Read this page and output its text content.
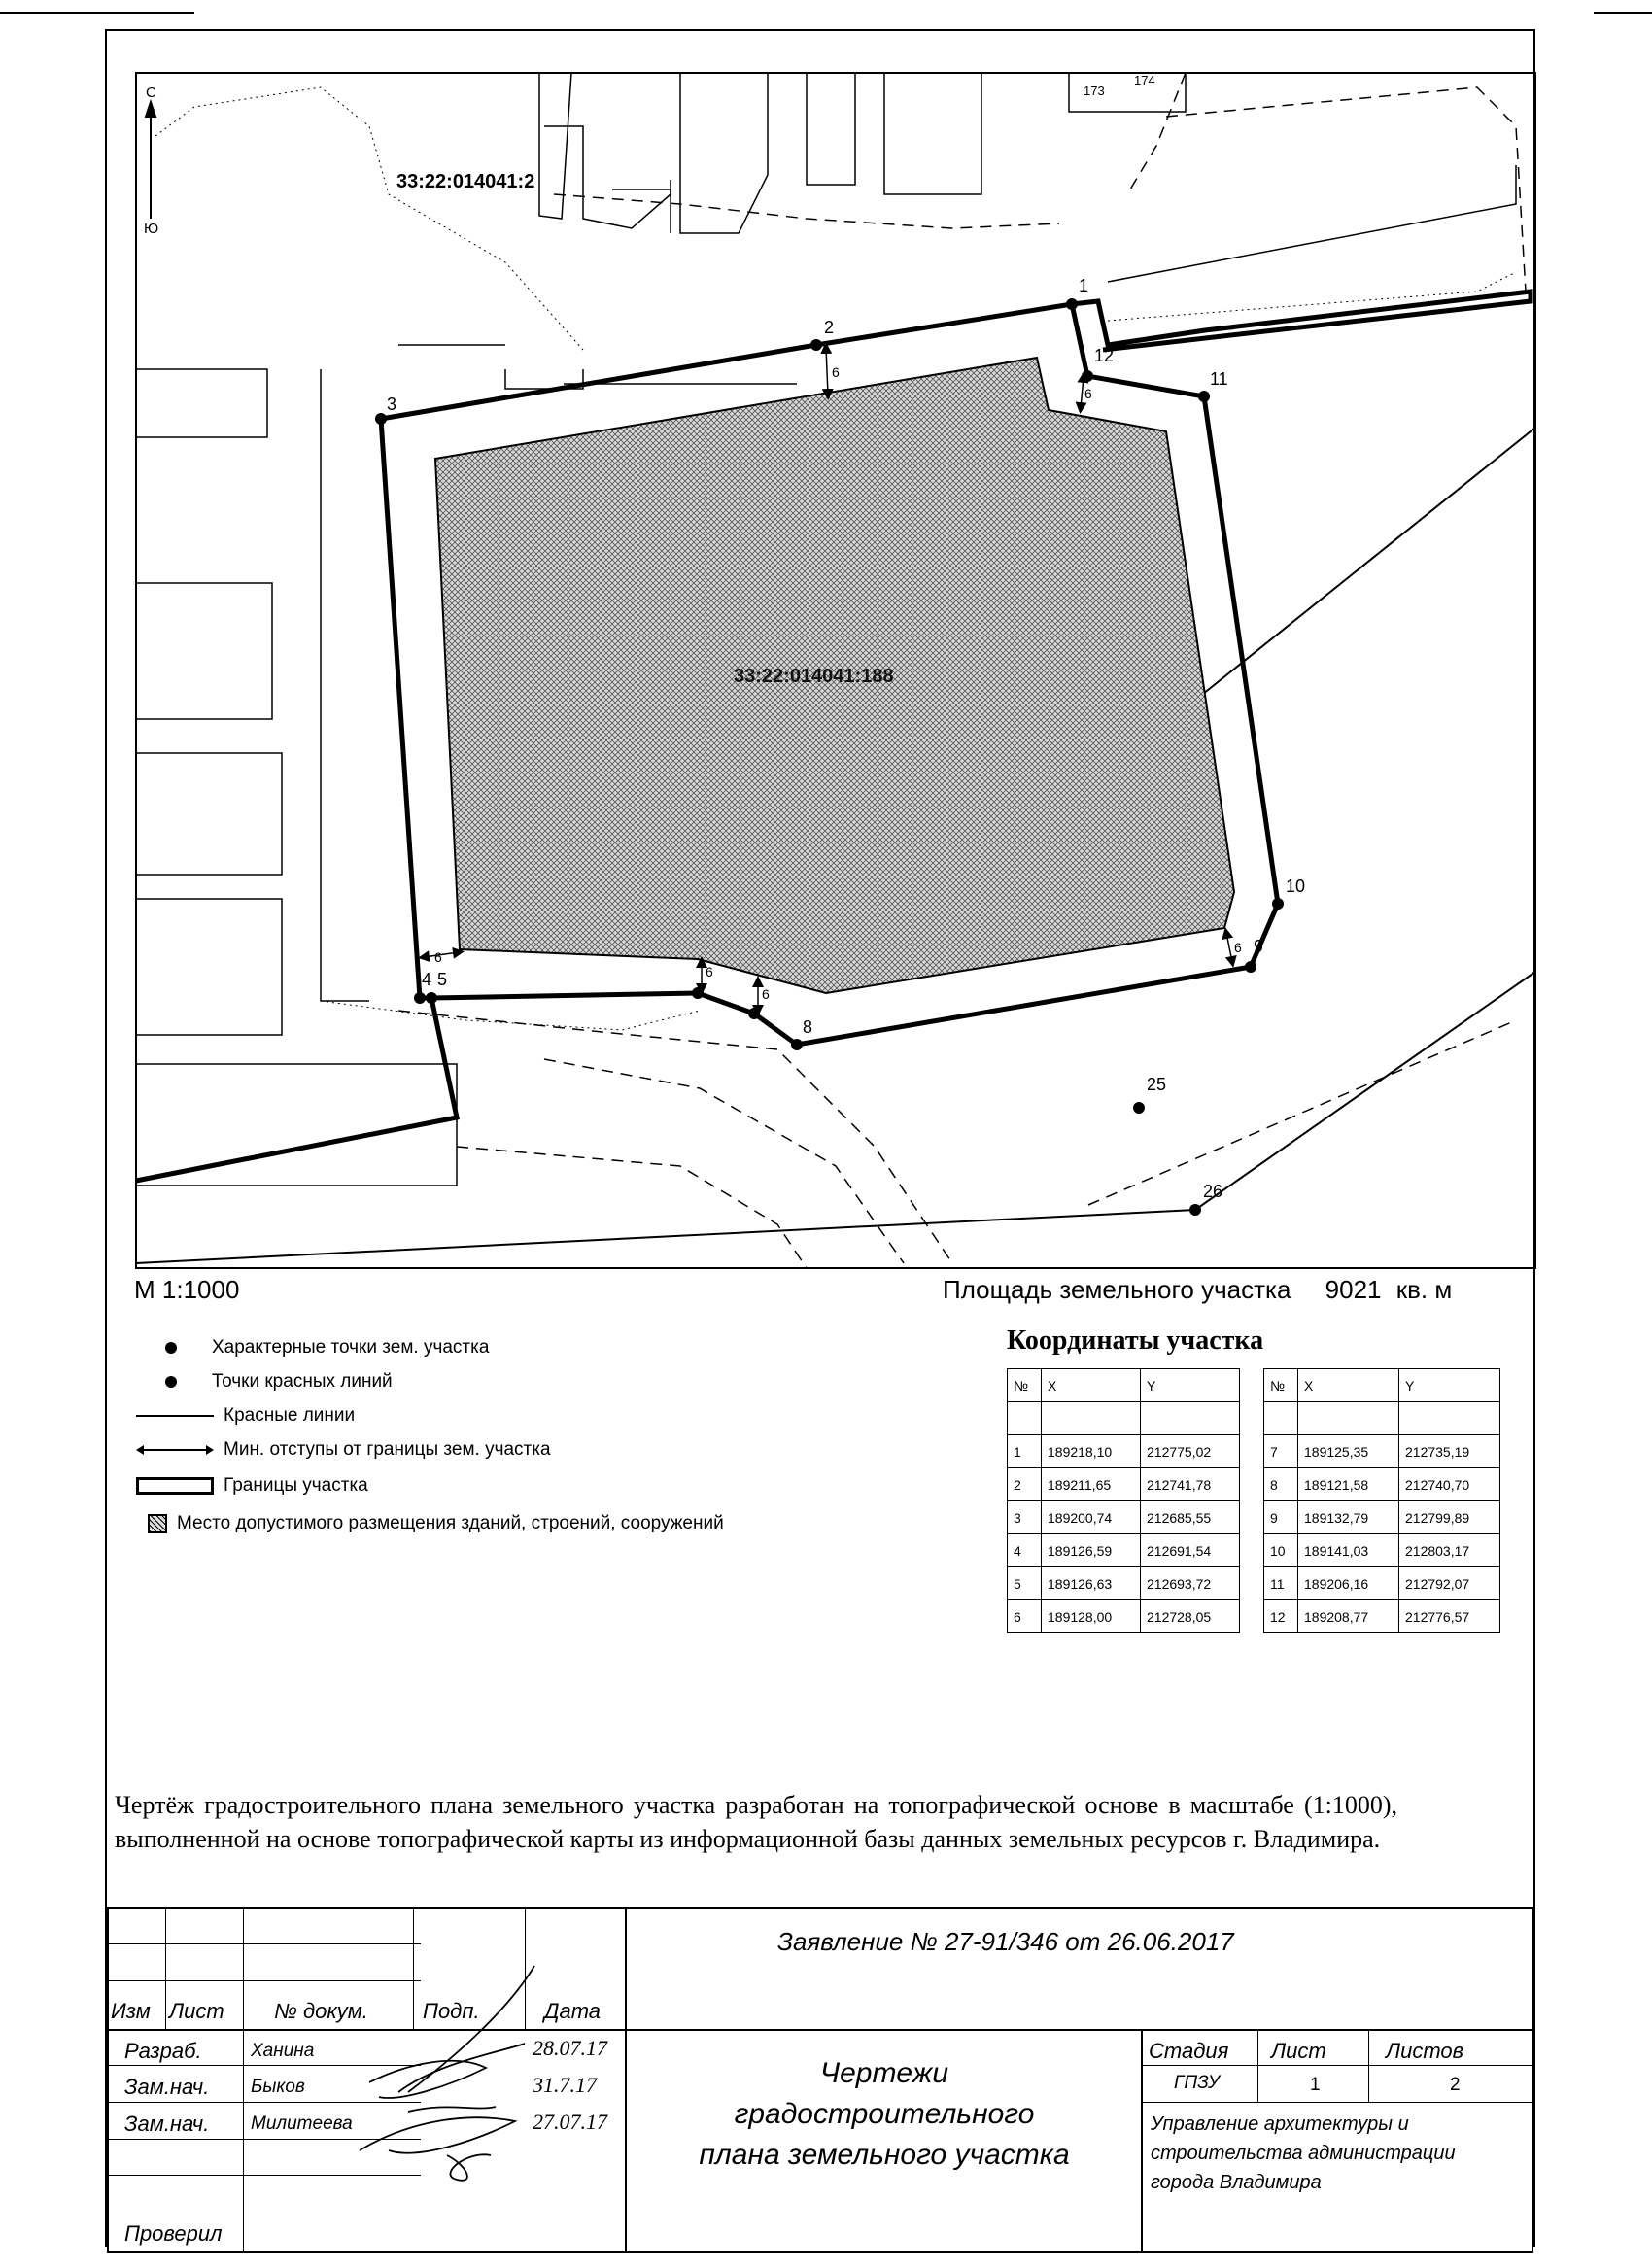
С
Ю
33:22:014041:2
33:22:014041:188
173
174
1
2
3
4 5
8
9
10
11
12
25
26
6
6
6
6
6
6
М 1:1000	Площадь земельного участка 9021 кв. м
Характерные точки зем. участка
Точки красных линий
Красные линии
Мин. отступы от границы зем. участка
Границы участка
Место допустимого размещения зданий, строений, сооружений
Координаты участка
№	X	Y

1	189218,10	212775,02
2	189211,65	212741,78
3	189200,74	212685,55
4	189126,59	212691,54
5	189126,63	212693,72
6	189128,00	212728,05
№	X	Y

7	189125,35	212735,19
8	189121,58	212740,70
9	189132,79	212799,89
10	189141,03	212803,17
11	189206,16	212792,07
12	189208,77	212776,57
Чертёж градостроительного плана земельного участка разработан на топографической основе в масштабе (1:1000), выполненной на основе топографической карты из информационной базы данных земельных ресурсов г. Владимира.
Заявление № 27-91/346 от 26.06.2017
Изм Лист № докум.	Подп.	Дата
Разраб.	Ханина	28.07.17
Зам.нач. Быков	31.7.17
Зам.нач. Милитеева	27.07.17
Проверил
Чертежи градостроительного плана земельного участка
Стадия Лист	Листов
ГПЗУ	1	2
Управление архитектуры и строительства администрации города Владимира
